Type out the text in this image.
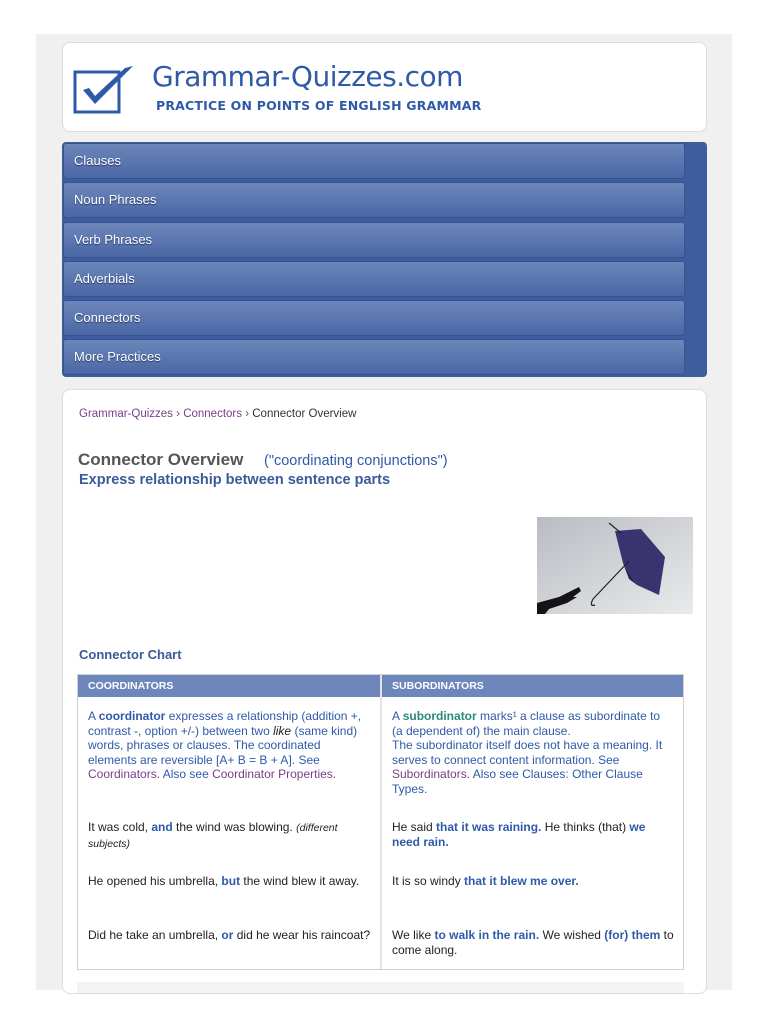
Grammar-Quizzes.com
PRACTICE ON POINTS OF ENGLISH GRAMMAR
Clauses
Noun Phrases
Verb Phrases
Adverbials
Connectors
More Practices
Grammar-Quizzes › Connectors › Connector Overview
Connector Overview ("coordinating conjunctions")
Express relationship between sentence parts
Connector Chart
COORDINATORS	SUBORDINATORS
A coordinator expresses a relationship (addition +, contrast -, option +/-) between two like (same kind) words, phrases or clauses. The coordinated elements are reversible [A+ B = B + A]. See Coordinators. Also see Coordinator Properties.
A subordinator marks¹ a clause as subordinate to (a dependent of) the main clause.
The subordinator itself does not have a meaning. It serves to connect content information. See Subordinators. Also see Clauses: Other Clause Types.
It was cold, and the wind was blowing. (different subjects)
He said that it was raining. He thinks (that) we need rain.
He opened his umbrella, but the wind blew it away.	It is so windy that it blew me over.
Did he take an umbrella, or did he wear his raincoat? We like to walk in the rain. We wished (for) them to come along.
